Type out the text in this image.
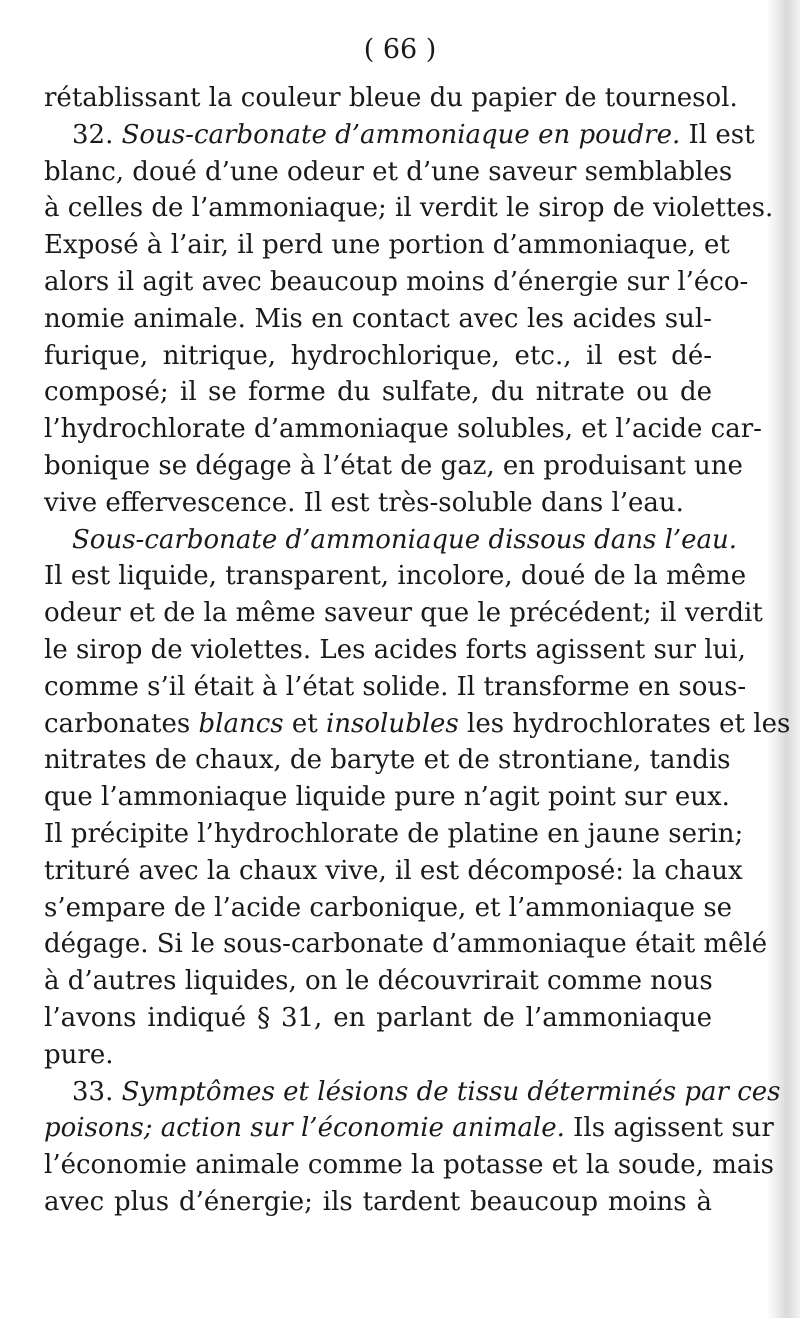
( 66 )
rétablissant la couleur bleue du papier de tournesol.
32. Sous-carbonate d’ammoniaque en poudre. Il est
blanc, doué d’une odeur et d’une saveur semblables
à celles de l’ammoniaque; il verdit le sirop de violettes.
Exposé à l’air, il perd une portion d’ammoniaque, et
alors il agit avec beaucoup moins d’énergie sur l’éco-
nomie animale. Mis en contact avec les acides sul-
furique, nitrique, hydrochlorique, etc., il est dé-
composé; il se forme du sulfate, du nitrate ou de
l’hydrochlorate d’ammoniaque solubles, et l’acide car-
bonique se dégage à l’état de gaz, en produisant une
vive effervescence. Il est très-soluble dans l’eau.
Sous-carbonate d’ammoniaque dissous dans l’eau.
Il est liquide, transparent, incolore, doué de la même
odeur et de la même saveur que le précédent; il verdit
le sirop de violettes. Les acides forts agissent sur lui,
comme s’il était à l’état solide. Il transforme en sous-
carbonates blancs et insolubles les hydrochlorates et les
nitrates de chaux, de baryte et de strontiane, tandis
que l’ammoniaque liquide pure n’agit point sur eux.
Il précipite l’hydrochlorate de platine en jaune serin;
trituré avec la chaux vive, il est décomposé: la chaux
s’empare de l’acide carbonique, et l’ammoniaque se
dégage. Si le sous-carbonate d’ammoniaque était mêlé
à d’autres liquides, on le découvrirait comme nous
l’avons indiqué § 31, en parlant de l’ammoniaque
pure.
33. Symptômes et lésions de tissu déterminés par ces
poisons; action sur l’économie animale. Ils agissent sur
l’économie animale comme la potasse et la soude, mais
avec plus d’énergie; ils tardent beaucoup moins à
